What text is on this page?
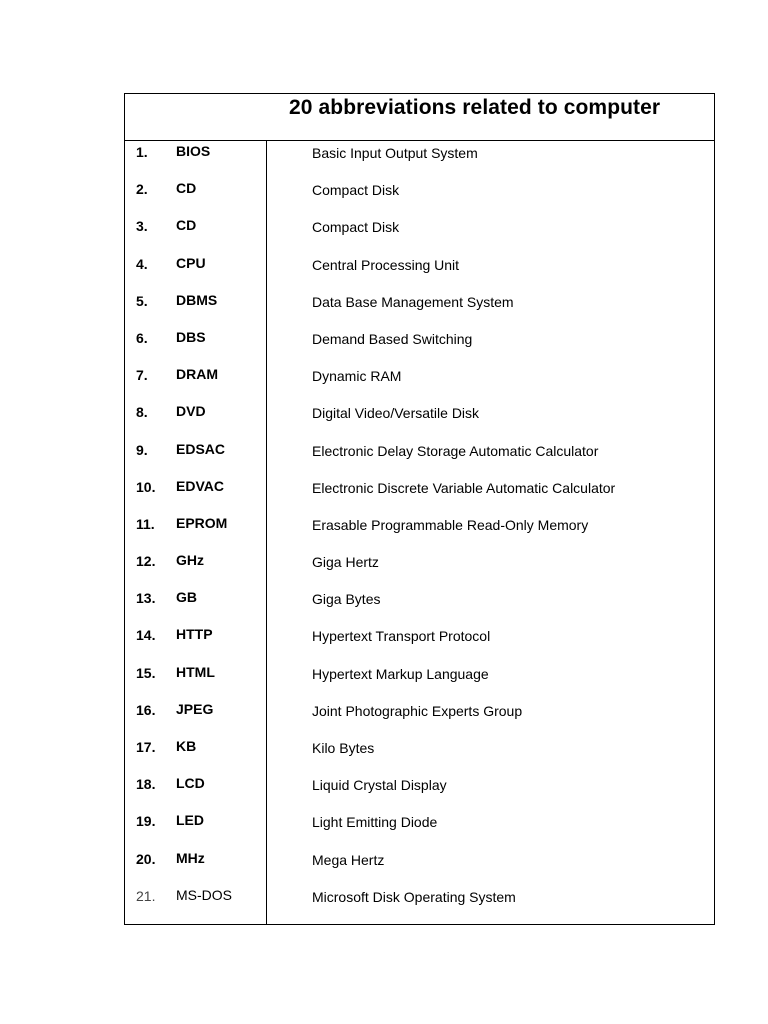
20 abbreviations related to computer
1. BIOS	Basic Input Output System
2. CD	Compact Disk
3. CD	Compact Disk
4. CPU	Central Processing Unit
5. DBMS	Data Base Management System
6. DBS	Demand Based Switching
7. DRAM	Dynamic RAM
8. DVD	Digital Video/Versatile Disk
9. EDSAC	Electronic Delay Storage Automatic Calculator
10. EDVAC	Electronic Discrete Variable Automatic Calculator
11. EPROM	Erasable Programmable Read-Only Memory
12. GHz	Giga Hertz
13. GB	Giga Bytes
14. HTTP	Hypertext Transport Protocol
15. HTML	Hypertext Markup Language
16. JPEG	Joint Photographic Experts Group
17. KB	Kilo Bytes
18. LCD	Liquid Crystal Display
19. LED	Light Emitting Diode
20. MHz	Mega Hertz
21. MS-DOS	Microsoft Disk Operating System
